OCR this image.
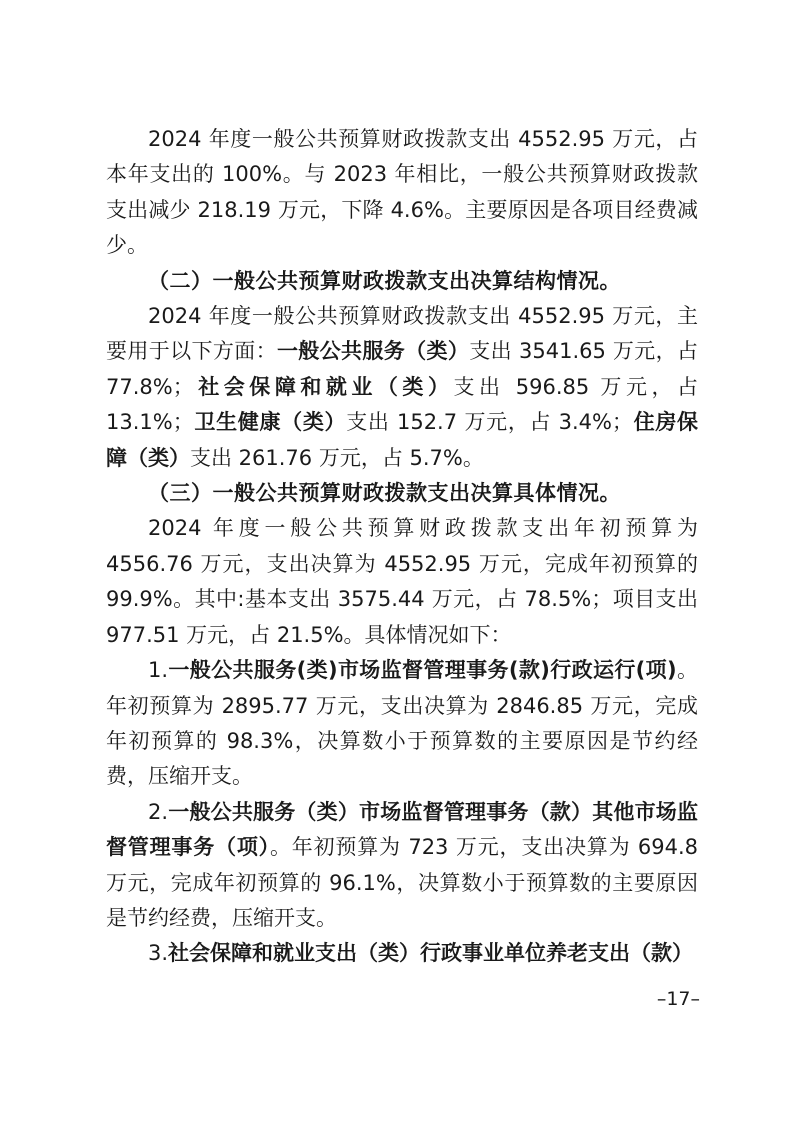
2024 年度一般公共预算财政拨款支出 4552.95 万元，占本年支出的 100%。与 2023 年相比，一般公共预算财政拨款支出减少 218.19 万元，下降 4.6%。主要原因是各项目经费减少。

（二）一般公共预算财政拨款支出决算结构情况。

2024 年度一般公共预算财政拨款支出 4552.95 万元，主要用于以下方面：一般公共服务（类）支出 3541.65 万元，占 77.8%；社会保障和就业（类）支出 596.85 万元，占 13.1%；卫生健康（类）支出 152.7 万元，占 3.4%；住房保障（类）支出 261.76 万元，占 5.7%。

（三）一般公共预算财政拨款支出决算具体情况。

2024 年度一般公共预算财政拨款支出年初预算为 4556.76 万元，支出决算为 4552.95 万元，完成年初预算的 99.9%。其中:基本支出 3575.44 万元，占 78.5%；项目支出 977.51 万元，占 21.5%。具体情况如下：

1.一般公共服务(类)市场监督管理事务(款)行政运行(项)。年初预算为 2895.77 万元，支出决算为 2846.85 万元，完成年初预算的 98.3%，决算数小于预算数的主要原因是节约经费，压缩开支。

2.一般公共服务（类）市场监督管理事务（款）其他市场监督管理事务（项）。年初预算为 723 万元，支出决算为 694.8 万元，完成年初预算的 96.1%，决算数小于预算数的主要原因是节约经费，压缩开支。

3.社会保障和就业支出（类）行政事业单位养老支出（款）

–17–
